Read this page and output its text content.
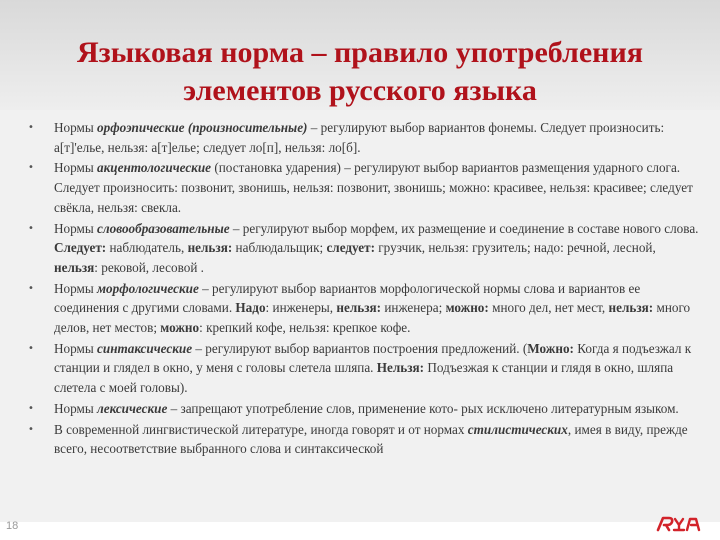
Языковая норма – правило употребления
элементов русского языка
•	Нормы орфоэпические (произносительные) – регулируют выбор вариантов фонемы. Следует произносить: а[т]'елье, нельзя: а[т]елье; следует ло[п], нельзя: ло[б].
•	Нормы акцентологические (постановка ударения) – регулируют выбор вариантов размещения ударного слога. Следует произносить: позвонит, звонишь, нельзя: позвонит, звонишь; можно: красивее, нельзя: красивее; следует свёкла, нельзя: свекла.
•	Нормы словообразовательные – регулируют выбор морфем, их размещение и соединение в составе нового слова. Следует: наблюдатель, нельзя: наблюдальщик; следует: грузчик, нельзя: грузитель; надо: речной, лесной, нельзя: рековой, лесовой .
•	Нормы морфологические – регулируют выбор вариантов морфологической нормы слова и вариантов ее соединения с другими словами. Надо: инженеры, нельзя: инженера; можно: много дел, нет мест, нельзя: много делов, нет местов; можно: крепкий кофе, нельзя: крепкое кофе.
•	Нормы синтаксические – регулируют выбор вариантов построения предложений. (Можно: Когда я подъезжал к станции и глядел в окно, у меня с головы слетела шляпа. Нельзя: Подъезжая к станции и глядя в окно, шляпа слетела с моей головы).
•	Нормы лексические – запрещают употребление слов, применение кото- рых исключено литературным языком.
•	В современной лингвистической литературе, иногда говорят и от нормах стилистических, имея в виду, прежде всего, несоответствие выбранного слова и синтаксической
18
